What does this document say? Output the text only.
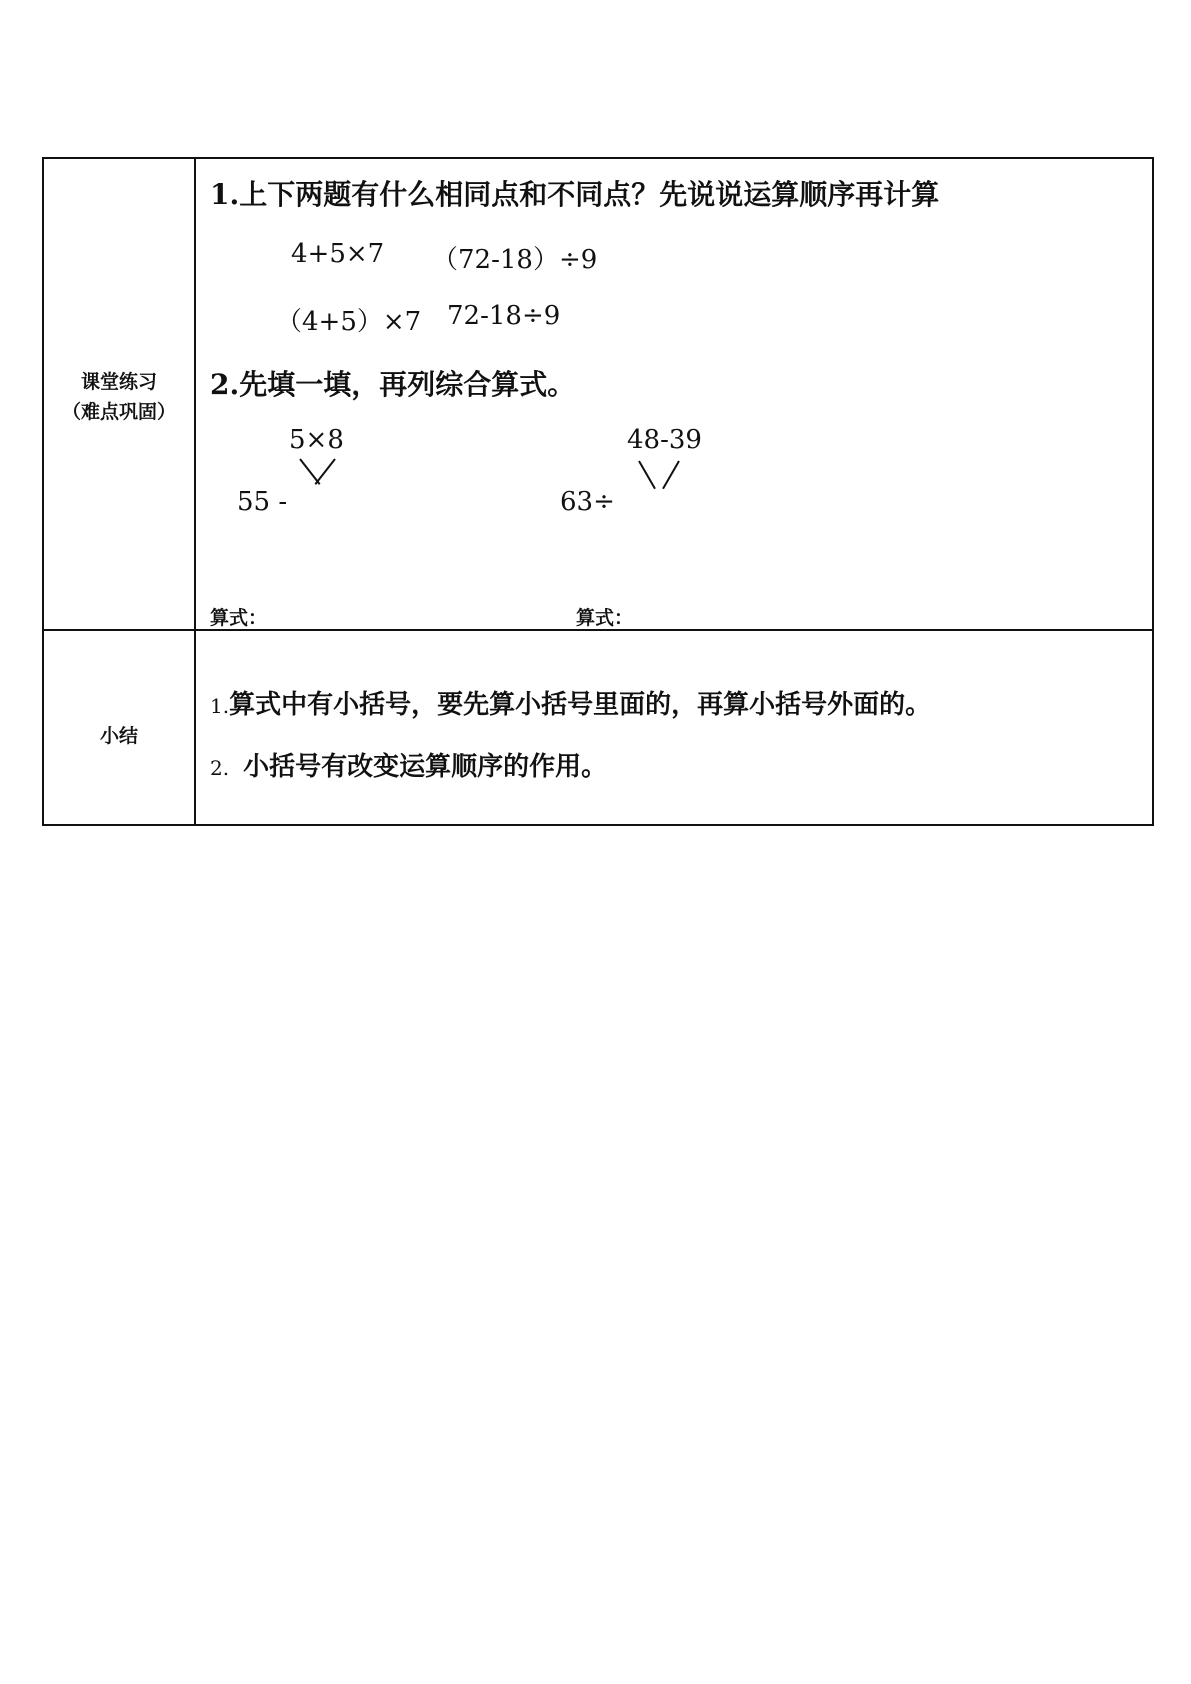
课堂练习
（难点巩固）
1.上下两题有什么相同点和不同点？先说说运算顺序再计算
4+5×7 （72-18）÷9
（4+5）×7 72-18÷9
2.先填一填，再列综合算式。
5×8
55 -
48-39
63÷
算式：	算式：
小结
1.算式中有小括号，要先算小括号里面的，再算小括号外面的。
2. 小括号有改变运算顺序的作用。
